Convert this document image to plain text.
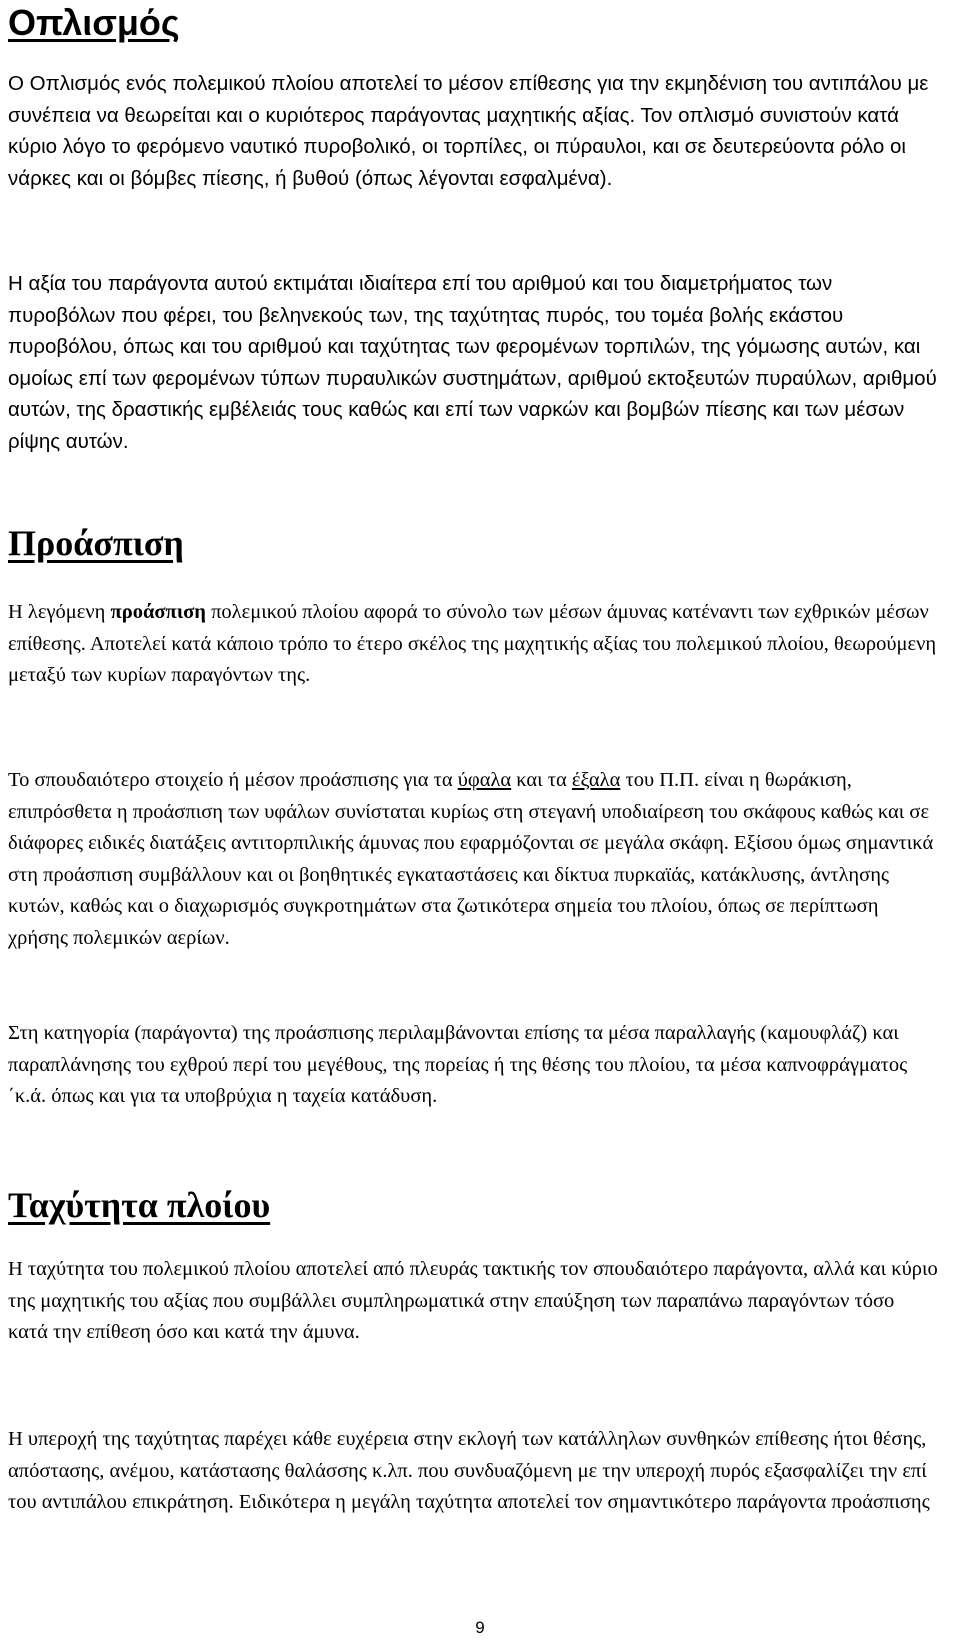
Οπλισμός

Ο Οπλισμός ενός πολεμικού πλοίου αποτελεί το μέσον επίθεσης για την εκμηδένιση του αντιπάλου με συνέπεια να θεωρείται και ο κυριότερος παράγοντας μαχητικής αξίας. Τον οπλισμό συνιστούν κατά κύριο λόγο το φερόμενο ναυτικό πυροβολικό, οι τορπίλες, οι πύραυλοι, και σε δευτερεύοντα ρόλο οι νάρκες και οι βόμβες πίεσης, ή βυθού (όπως λέγονται εσφαλμένα).

Η αξία του παράγοντα αυτού εκτιμάται ιδιαίτερα επί του αριθμού και του διαμετρήματος των πυροβόλων που φέρει, του βεληνεκούς των, της ταχύτητας πυρός, του τομέα βολής εκάστου πυροβόλου, όπως και του αριθμού και ταχύτητας των φερομένων τορπιλών, της γόμωσης αυτών, και ομοίως επί των φερομένων τύπων πυραυλικών συστημάτων, αριθμού εκτοξευτών πυραύλων, αριθμού αυτών, της δραστικής εμβέλειάς τους καθώς και επί των ναρκών και βομβών πίεσης και των μέσων ρίψης αυτών.

Προάσπιση

Η λεγόμενη προάσπιση πολεμικού πλοίου αφορά το σύνολο των μέσων άμυνας κατέναντι των εχθρικών μέσων επίθεσης. Αποτελεί κατά κάποιο τρόπο το έτερο σκέλος της μαχητικής αξίας του πολεμικού πλοίου, θεωρούμενη μεταξύ των κυρίων παραγόντων της.

Το σπουδαιότερο στοιχείο ή μέσον προάσπισης για τα ύφαλα και τα έξαλα του Π.Π. είναι η θωράκιση, επιπρόσθετα η προάσπιση των υφάλων συνίσταται κυρίως στη στεγανή υποδιαίρεση του σκάφους καθώς και σε διάφορες ειδικές διατάξεις αντιτορπιλικής άμυνας που εφαρμόζονται σε μεγάλα σκάφη. Εξίσου όμως σημαντικά στη προάσπιση συμβάλλουν και οι βοηθητικές εγκαταστάσεις και δίκτυα πυρκαϊάς, κατάκλυσης, άντλησης κυτών, καθώς και ο διαχωρισμός συγκροτημάτων στα ζωτικότερα σημεία του πλοίου, όπως σε περίπτωση χρήσης πολεμικών αερίων.

Στη κατηγορία (παράγοντα) της προάσπισης περιλαμβάνονται επίσης τα μέσα παραλλαγής (καμουφλάζ) και παραπλάνησης του εχθρού περί του μεγέθους, της πορείας ή της θέσης του πλοίου, τα μέσα καπνοφράγματος ΄κ.ά. όπως και για τα υποβρύχια η ταχεία κατάδυση.

Ταχύτητα πλοίου

Η ταχύτητα του πολεμικού πλοίου αποτελεί από πλευράς τακτικής τον σπουδαιότερο παράγοντα, αλλά και κύριο της μαχητικής του αξίας που συμβάλλει συμπληρωματικά στην επαύξηση των παραπάνω παραγόντων τόσο κατά την επίθεση όσο και κατά την άμυνα.

Η υπεροχή της ταχύτητας παρέχει κάθε ευχέρεια στην εκλογή των κατάλληλων συνθηκών επίθεσης ήτοι θέσης, απόστασης, ανέμου, κατάστασης θαλάσσης κ.λπ. που συνδυαζόμενη με την υπεροχή πυρός εξασφαλίζει την επί του αντιπάλου επικράτηση. Ειδικότερα η μεγάλη ταχύτητα αποτελεί τον σημαντικότερο παράγοντα προάσπισης

9
